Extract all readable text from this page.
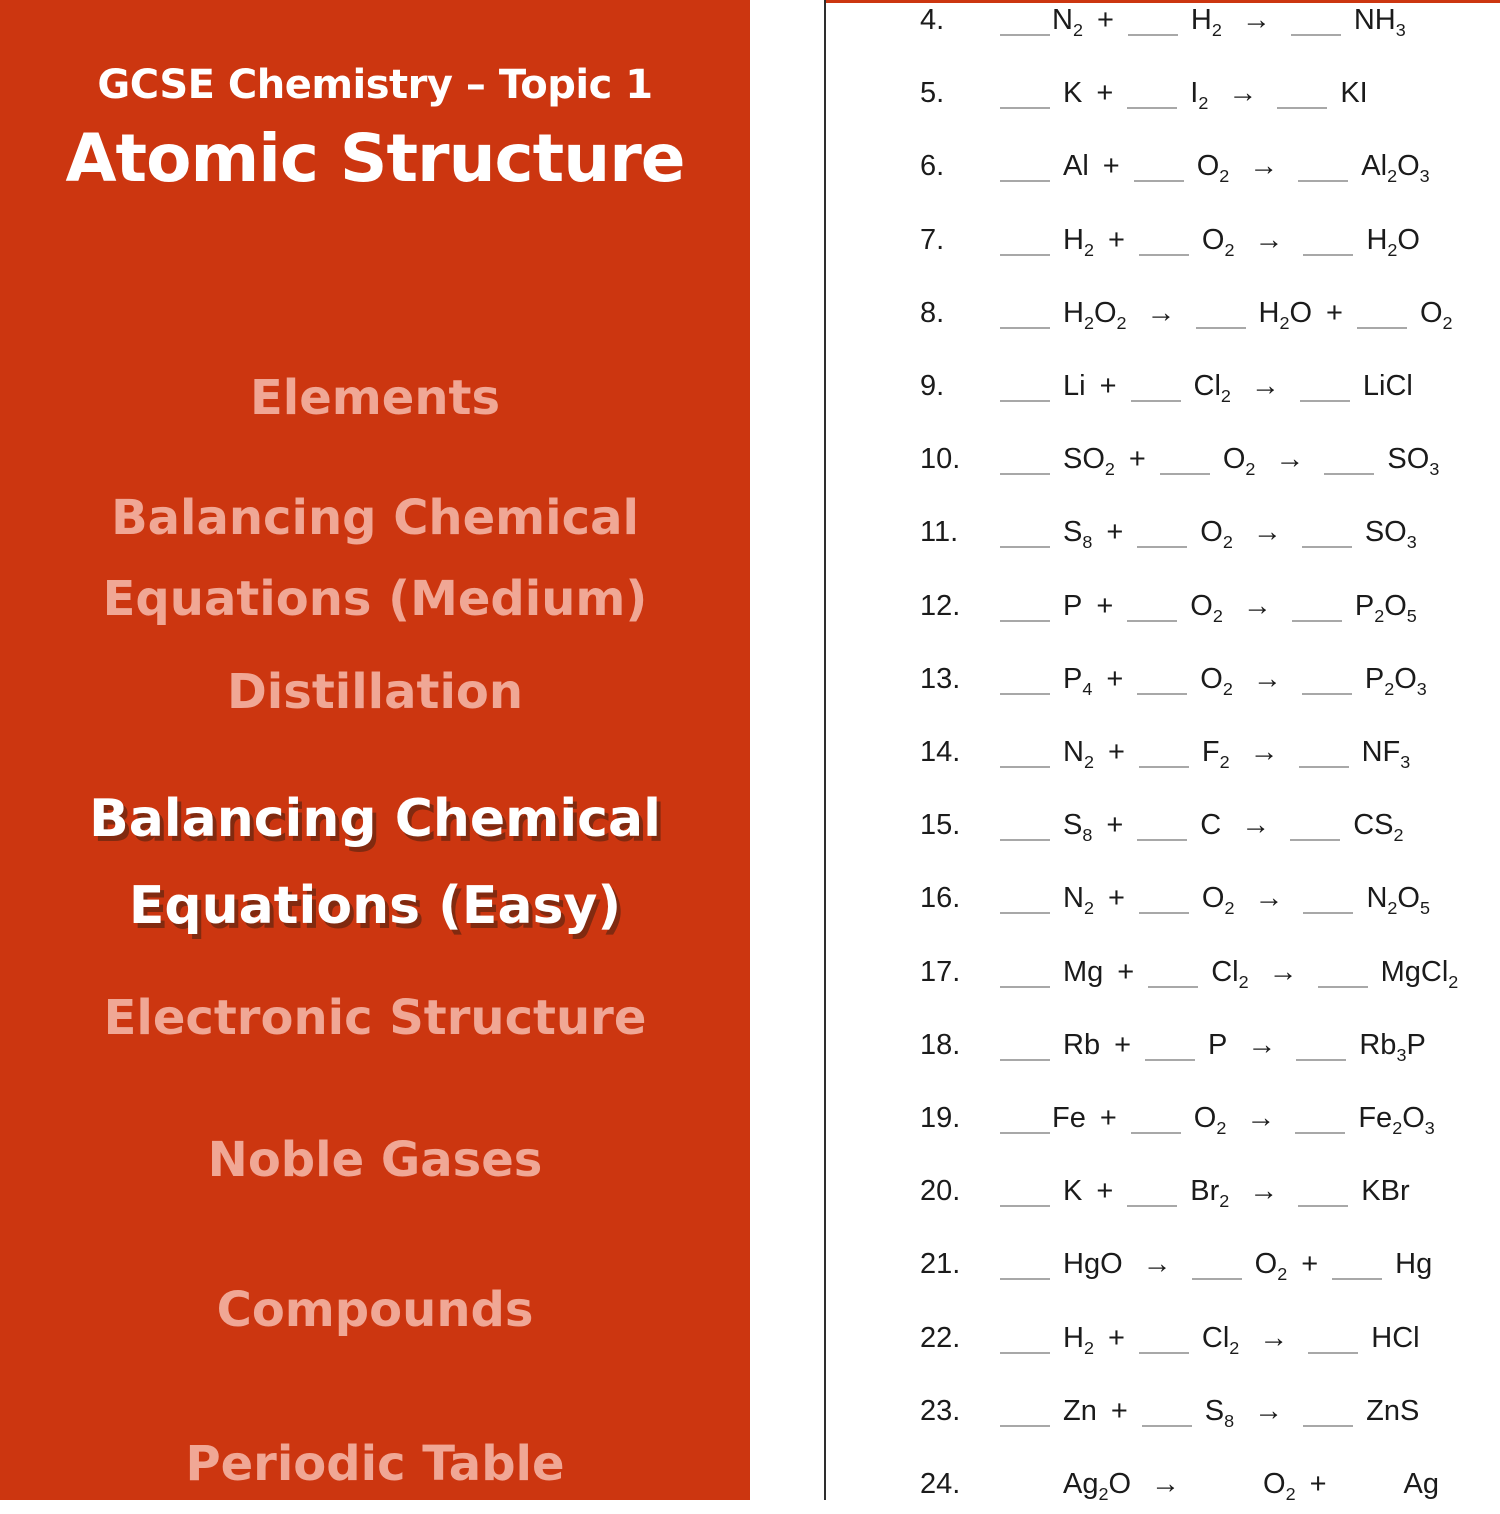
GCSE Chemistry – Topic 1
Atomic Structure
Elements
Balancing Chemical Equations (Medium)
Distillation
Balancing Chemical Equations (Easy)
Electronic Structure
Noble Gases
Compounds
Periodic Table
4.	$N_2$ +	$H_2$ →	$NH_3$
5.	K +	$I_2$ →	KI
6.	Al +	$O_2$ →	$Al_2O_3$
7.	$H_2$ +	$O_2$ →	$H_2O$
8.	$H_2O_2$ →	$H_2O$ +	$O_2$
9.	Li +	$Cl_2$ →	LiCl
10.	$SO_2$ +	$O_2$ →	$SO_3$
11.	$S_8$ +	$O_2$ →	$SO_3$
12.	P +	$O_2$ →	$P_2O_5$
13.	$P_4$ +	$O_2$ →	$P_2O_3$
14.	$N_2$ +	$F_2$ →	$NF_3$
15.	$S_8$ +	C →	$CS_2$
16.	$N_2$ +	$O_2$ →	$N_2O_5$
17.	Mg +	$Cl_2$ →	MgCl$_2$
18.	Rb +	P →	$Rb_3P$
19.	Fe +	$O_2$ →	$Fe_2O_3$
20.	K +	$Br_2$ →	KBr
21.	HgO →	$O_2$ +	Hg
22.	$H_2$ +	$Cl_2$ →	HCl
23.	Zn +	$S_8$ →	ZnS
24.	$Ag_2O$ →	$O_2$ +	Ag
